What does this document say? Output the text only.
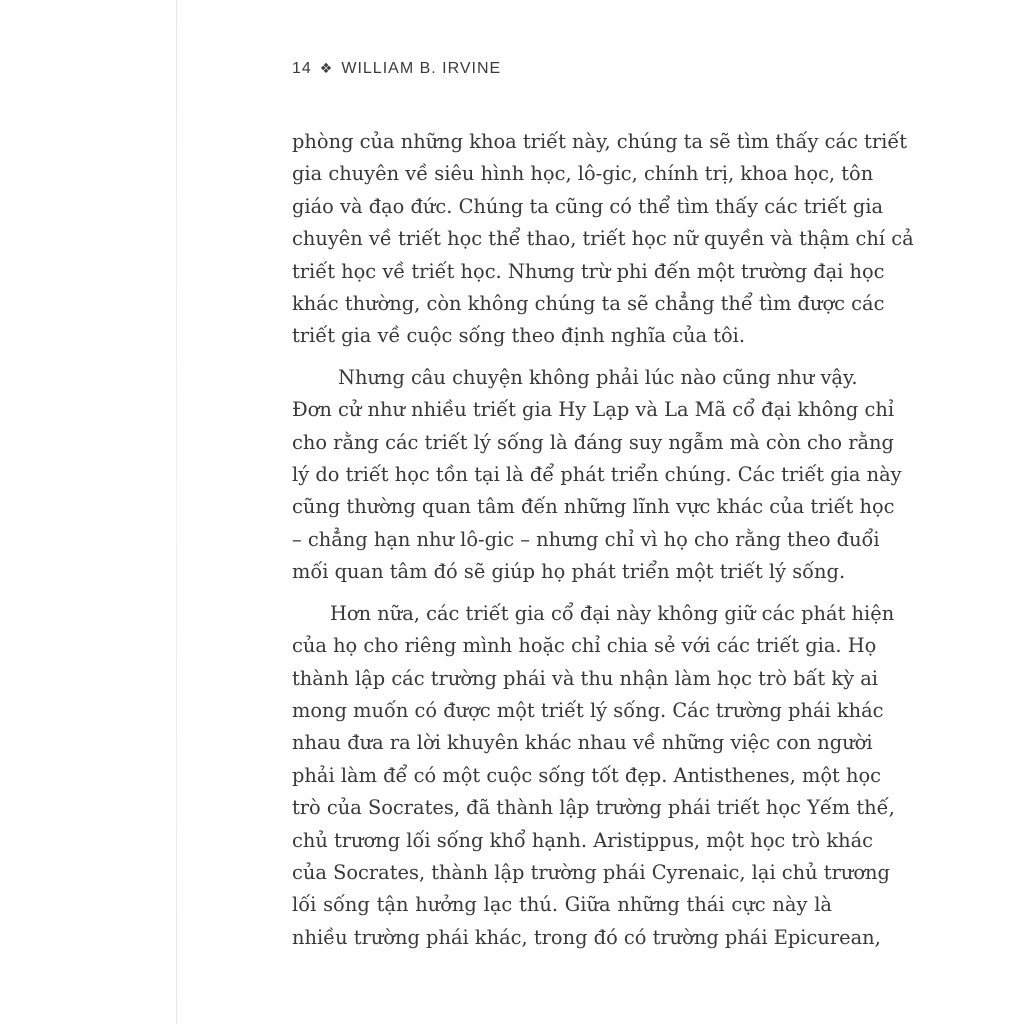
14 ❖ WILLIAM B. IRVINE
phòng của những khoa triết này, chúng ta sẽ tìm thấy các triết
gia chuyên về siêu hình học, lô-gic, chính trị, khoa học, tôn
giáo và đạo đức. Chúng ta cũng có thể tìm thấy các triết gia
chuyên về triết học thể thao, triết học nữ quyền và thậm chí cả
triết học về triết học. Nhưng trừ phi đến một trường đại học
khác thường, còn không chúng ta sẽ chẳng thể tìm được các
triết gia về cuộc sống theo định nghĩa của tôi.
Nhưng câu chuyện không phải lúc nào cũng như vậy.
Đơn cử như nhiều triết gia Hy Lạp và La Mã cổ đại không chỉ
cho rằng các triết lý sống là đáng suy ngẫm mà còn cho rằng
lý do triết học tồn tại là để phát triển chúng. Các triết gia này
cũng thường quan tâm đến những lĩnh vực khác của triết học
– chẳng hạn như lô-gic – nhưng chỉ vì họ cho rằng theo đuổi
mối quan tâm đó sẽ giúp họ phát triển một triết lý sống.
Hơn nữa, các triết gia cổ đại này không giữ các phát hiện
của họ cho riêng mình hoặc chỉ chia sẻ với các triết gia. Họ
thành lập các trường phái và thu nhận làm học trò bất kỳ ai
mong muốn có được một triết lý sống. Các trường phái khác
nhau đưa ra lời khuyên khác nhau về những việc con người
phải làm để có một cuộc sống tốt đẹp. Antisthenes, một học
trò của Socrates, đã thành lập trường phái triết học Yếm thế,
chủ trương lối sống khổ hạnh. Aristippus, một học trò khác
của Socrates, thành lập trường phái Cyrenaic, lại chủ trương
lối sống tận hưởng lạc thú. Giữa những thái cực này là
nhiều trường phái khác, trong đó có trường phái Epicurean,
